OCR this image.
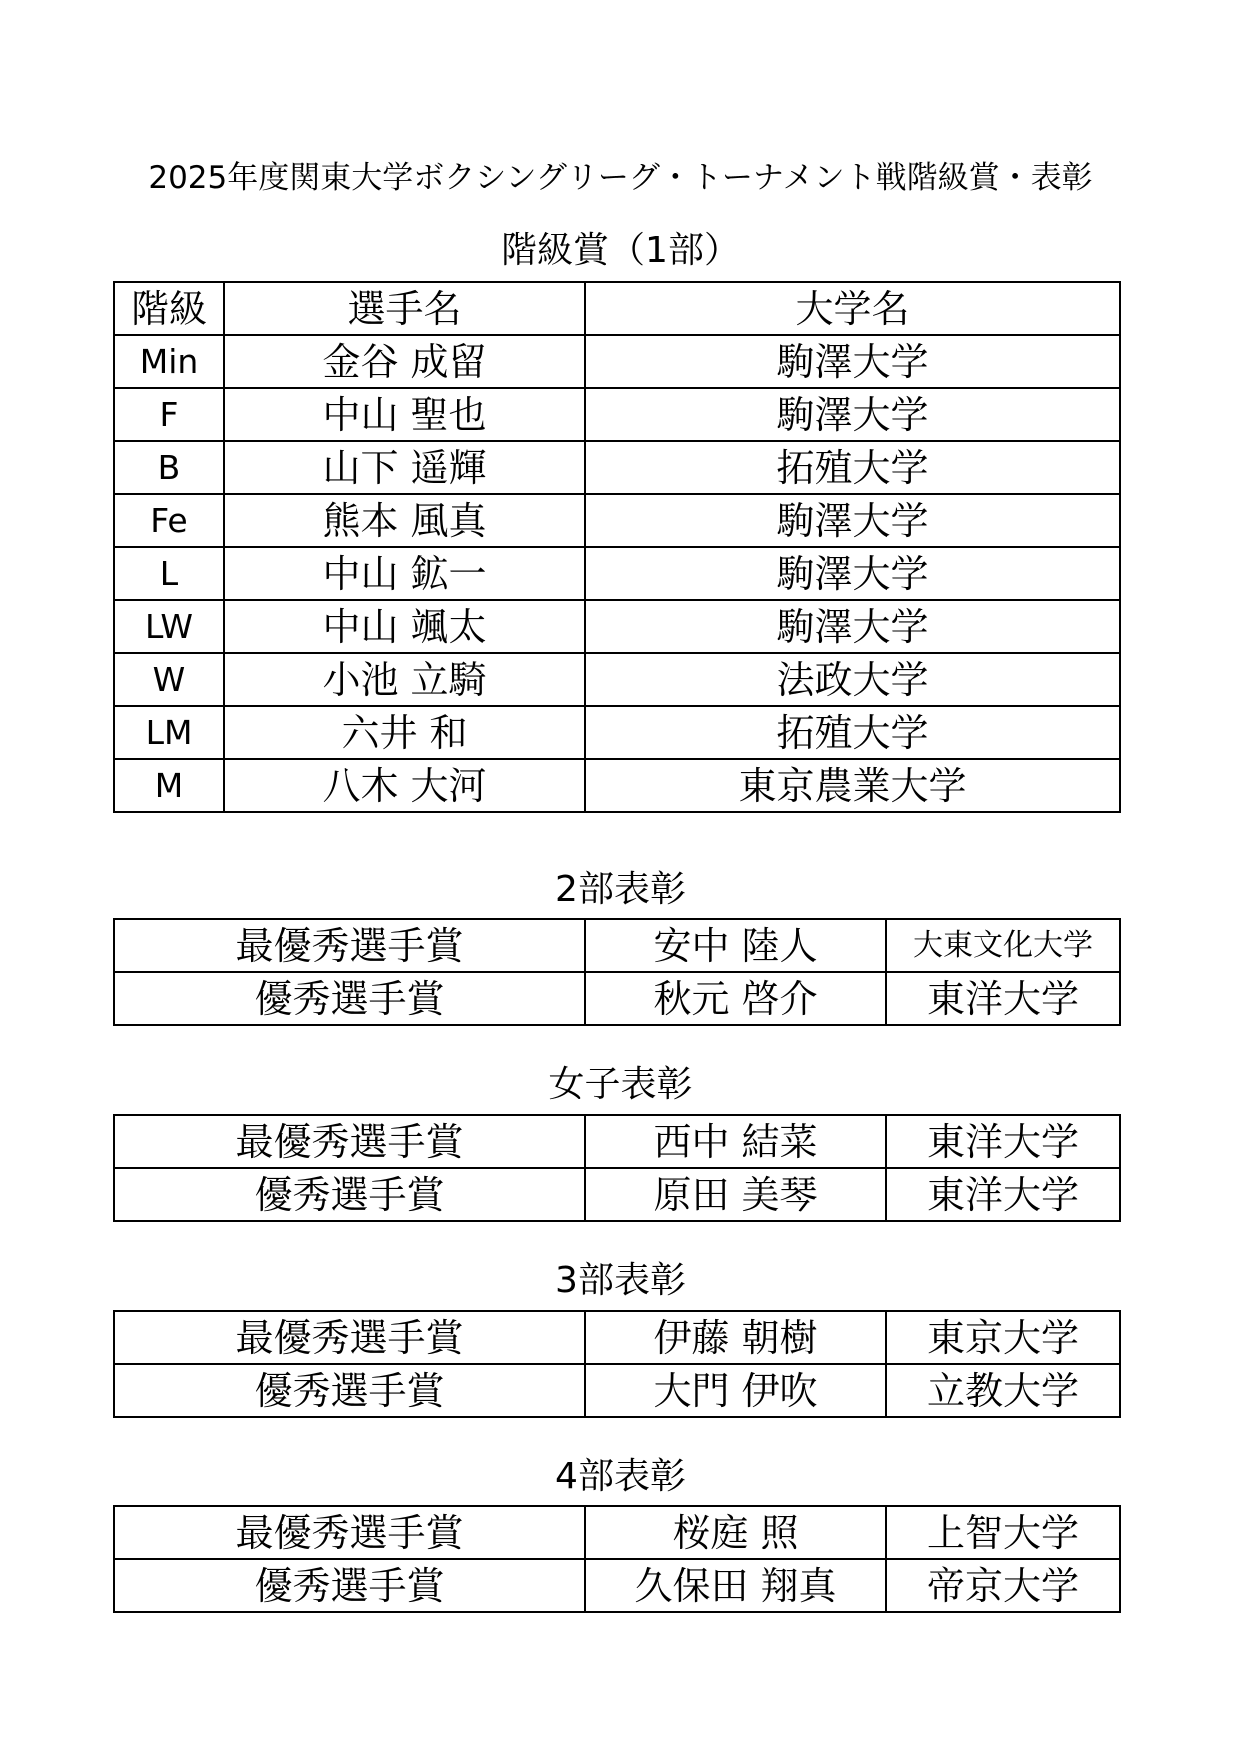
2025年度関東大学ボクシングリーグ・トーナメント戦階級賞・表彰
階級賞（1部）
階級	選手名	大学名
Min	金谷 成留	駒澤大学
F	中山 聖也	駒澤大学
B	山下 遥輝	拓殖大学
Fe	熊本 風真	駒澤大学
L	中山 鉱一	駒澤大学
LW	中山 颯太	駒澤大学
W	小池 立騎	法政大学
LM	六井 和	拓殖大学
M	八木 大河	東京農業大学
2部表彰
最優秀選手賞	安中 陸人	大東文化大学
優秀選手賞	秋元 啓介	東洋大学
女子表彰
最優秀選手賞	西中 結菜	東洋大学
優秀選手賞	原田 美琴	東洋大学
3部表彰
最優秀選手賞	伊藤 朝樹	東京大学
優秀選手賞	大門 伊吹	立教大学
4部表彰
最優秀選手賞	桜庭 照	上智大学
優秀選手賞	久保田 翔真	帝京大学
